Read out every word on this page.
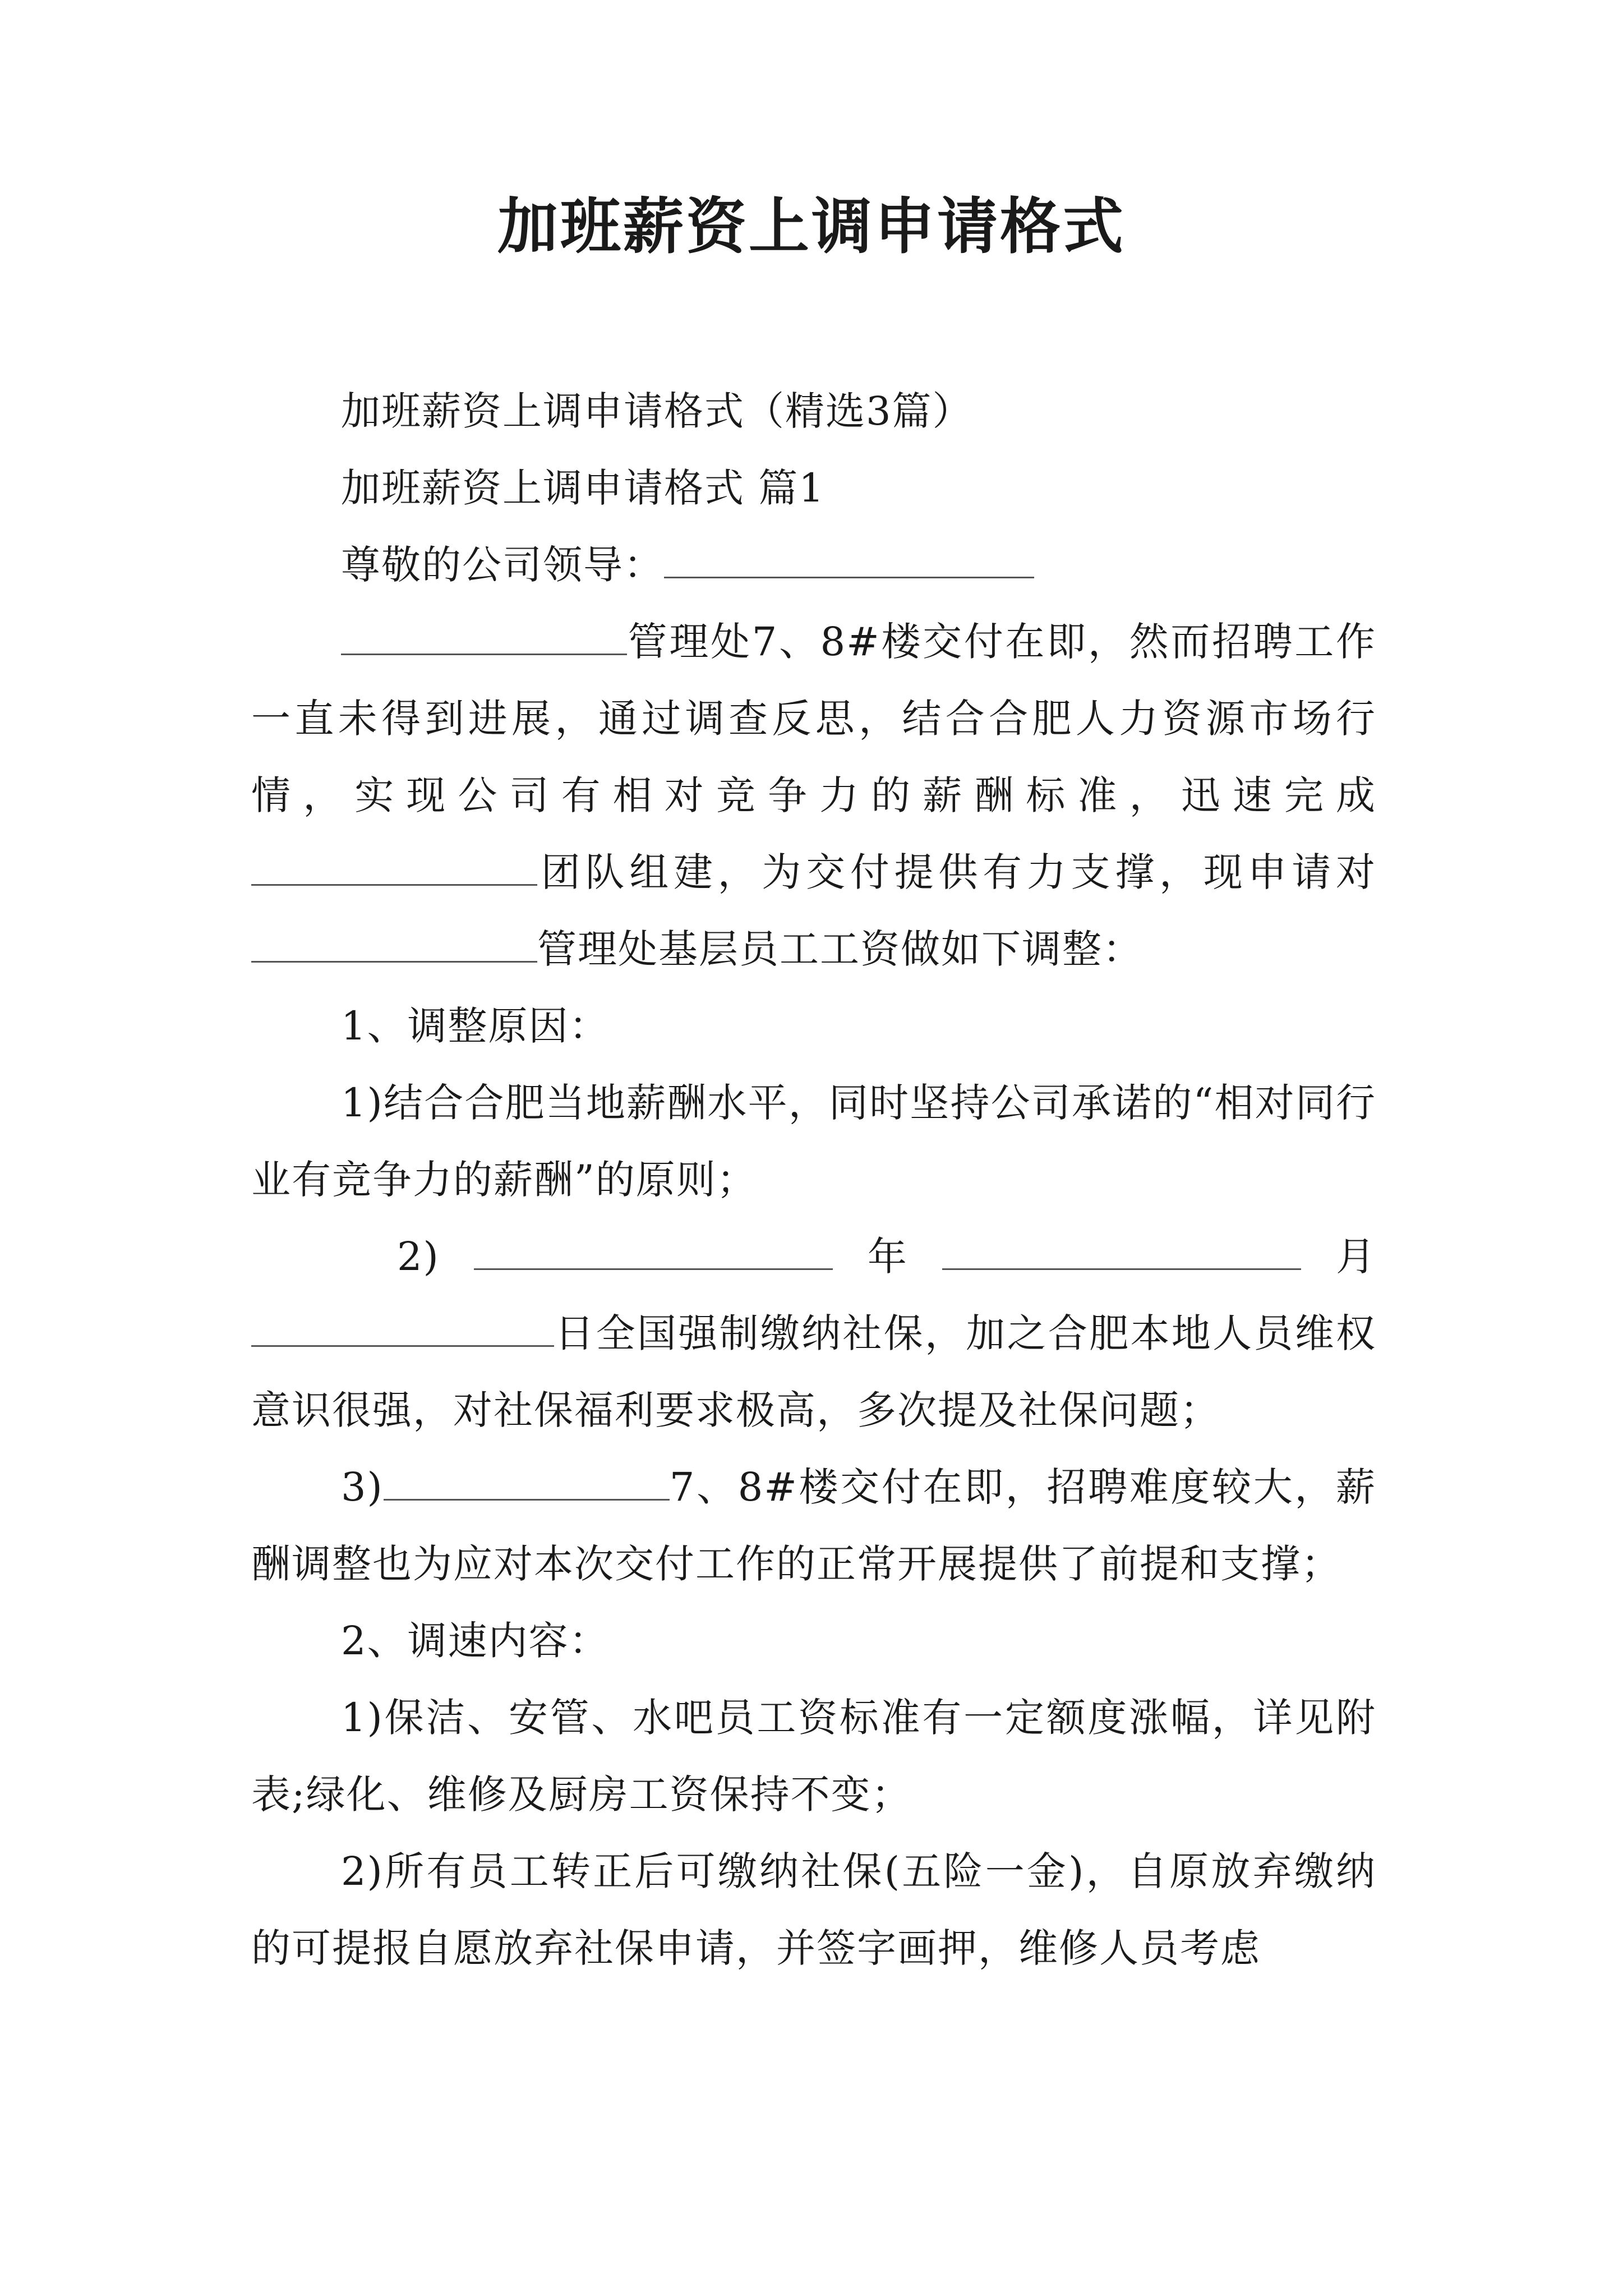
加班薪资上调申请格式

加班薪资上调申请格式（精选3篇）

加班薪资上调申请格式 篇1

尊敬的公司领导：

管理处7、8#楼交付在即，然而招聘工作一直未得到进展，通过调查反思，结合合肥人力资源市场行情，实现公司有相对竞争力的薪酬标准，迅速完成团队组建，为交付提供有力支撑，现申请对管理处基层员工工资做如下调整：

1、调整原因：

1)结合合肥当地薪酬水平，同时坚持公司承诺的“相对同行业有竞争力的薪酬”的原则；

2)	年	月

日全国强制缴纳社保，加之合肥本地人员维权意识很强，对社保福利要求极高，多次提及社保问题；

3)	7、8#楼交付在即，招聘难度较大，薪酬调整也为应对本次交付工作的正常开展提供了前提和支撑；

2、调速内容：

1)保洁、安管、水吧员工资标准有一定额度涨幅，详见附表;绿化、维修及厨房工资保持不变；

2)所有员工转正后可缴纳社保(五险一金)，自原放弃缴纳的可提报自愿放弃社保申请，并签字画押，维修人员考虑
